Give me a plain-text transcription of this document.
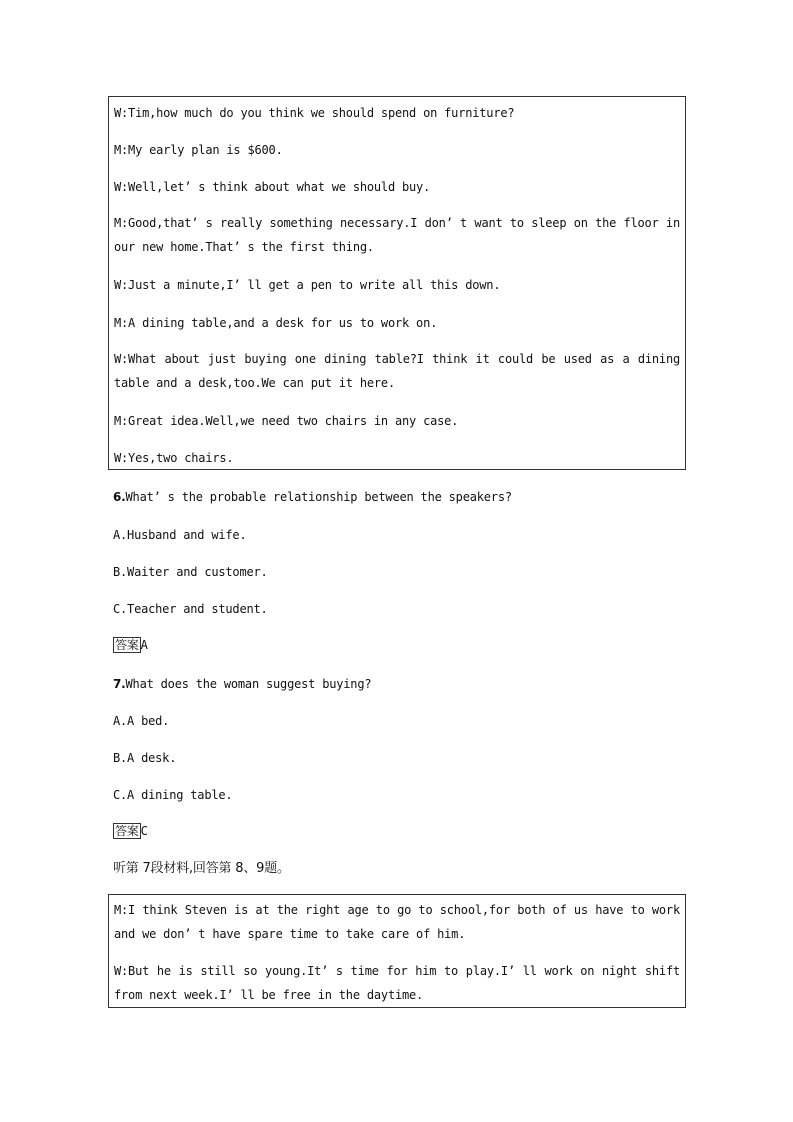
W:Tim,how much do you think we should spend on furniture?
M:My early plan is $600.
W:Well,let’ s think about what we should buy.
M:Good,that’ s really something necessary.I don’ t want to sleep on the floor in our new home.That’ s the first thing.
W:Just a minute,I’ ll get a pen to write all this down.
M:A dining table,and a desk for us to work on.
W:What about just buying one dining table?I think it could be used as a dining table and a desk,too.We can put it here.
M:Great idea.Well,we need two chairs in any case.
W:Yes,two chairs.
6.What’ s the probable relationship between the speakers?
A.Husband and wife.
B.Waiter and customer.
C.Teacher and student.
答案 A
7.What does the woman suggest buying?
A.A bed.
B.A desk.
C.A dining table.
答案 C
听第 7段材料,回答第 8、9题。
M:I think Steven is at the right age to go to school,for both of us have to work and we don’ t have spare time to take care of him.
W:But he is still so young.It’ s time for him to play.I’ ll work on night shift from next week.I’ ll be free in the daytime.
